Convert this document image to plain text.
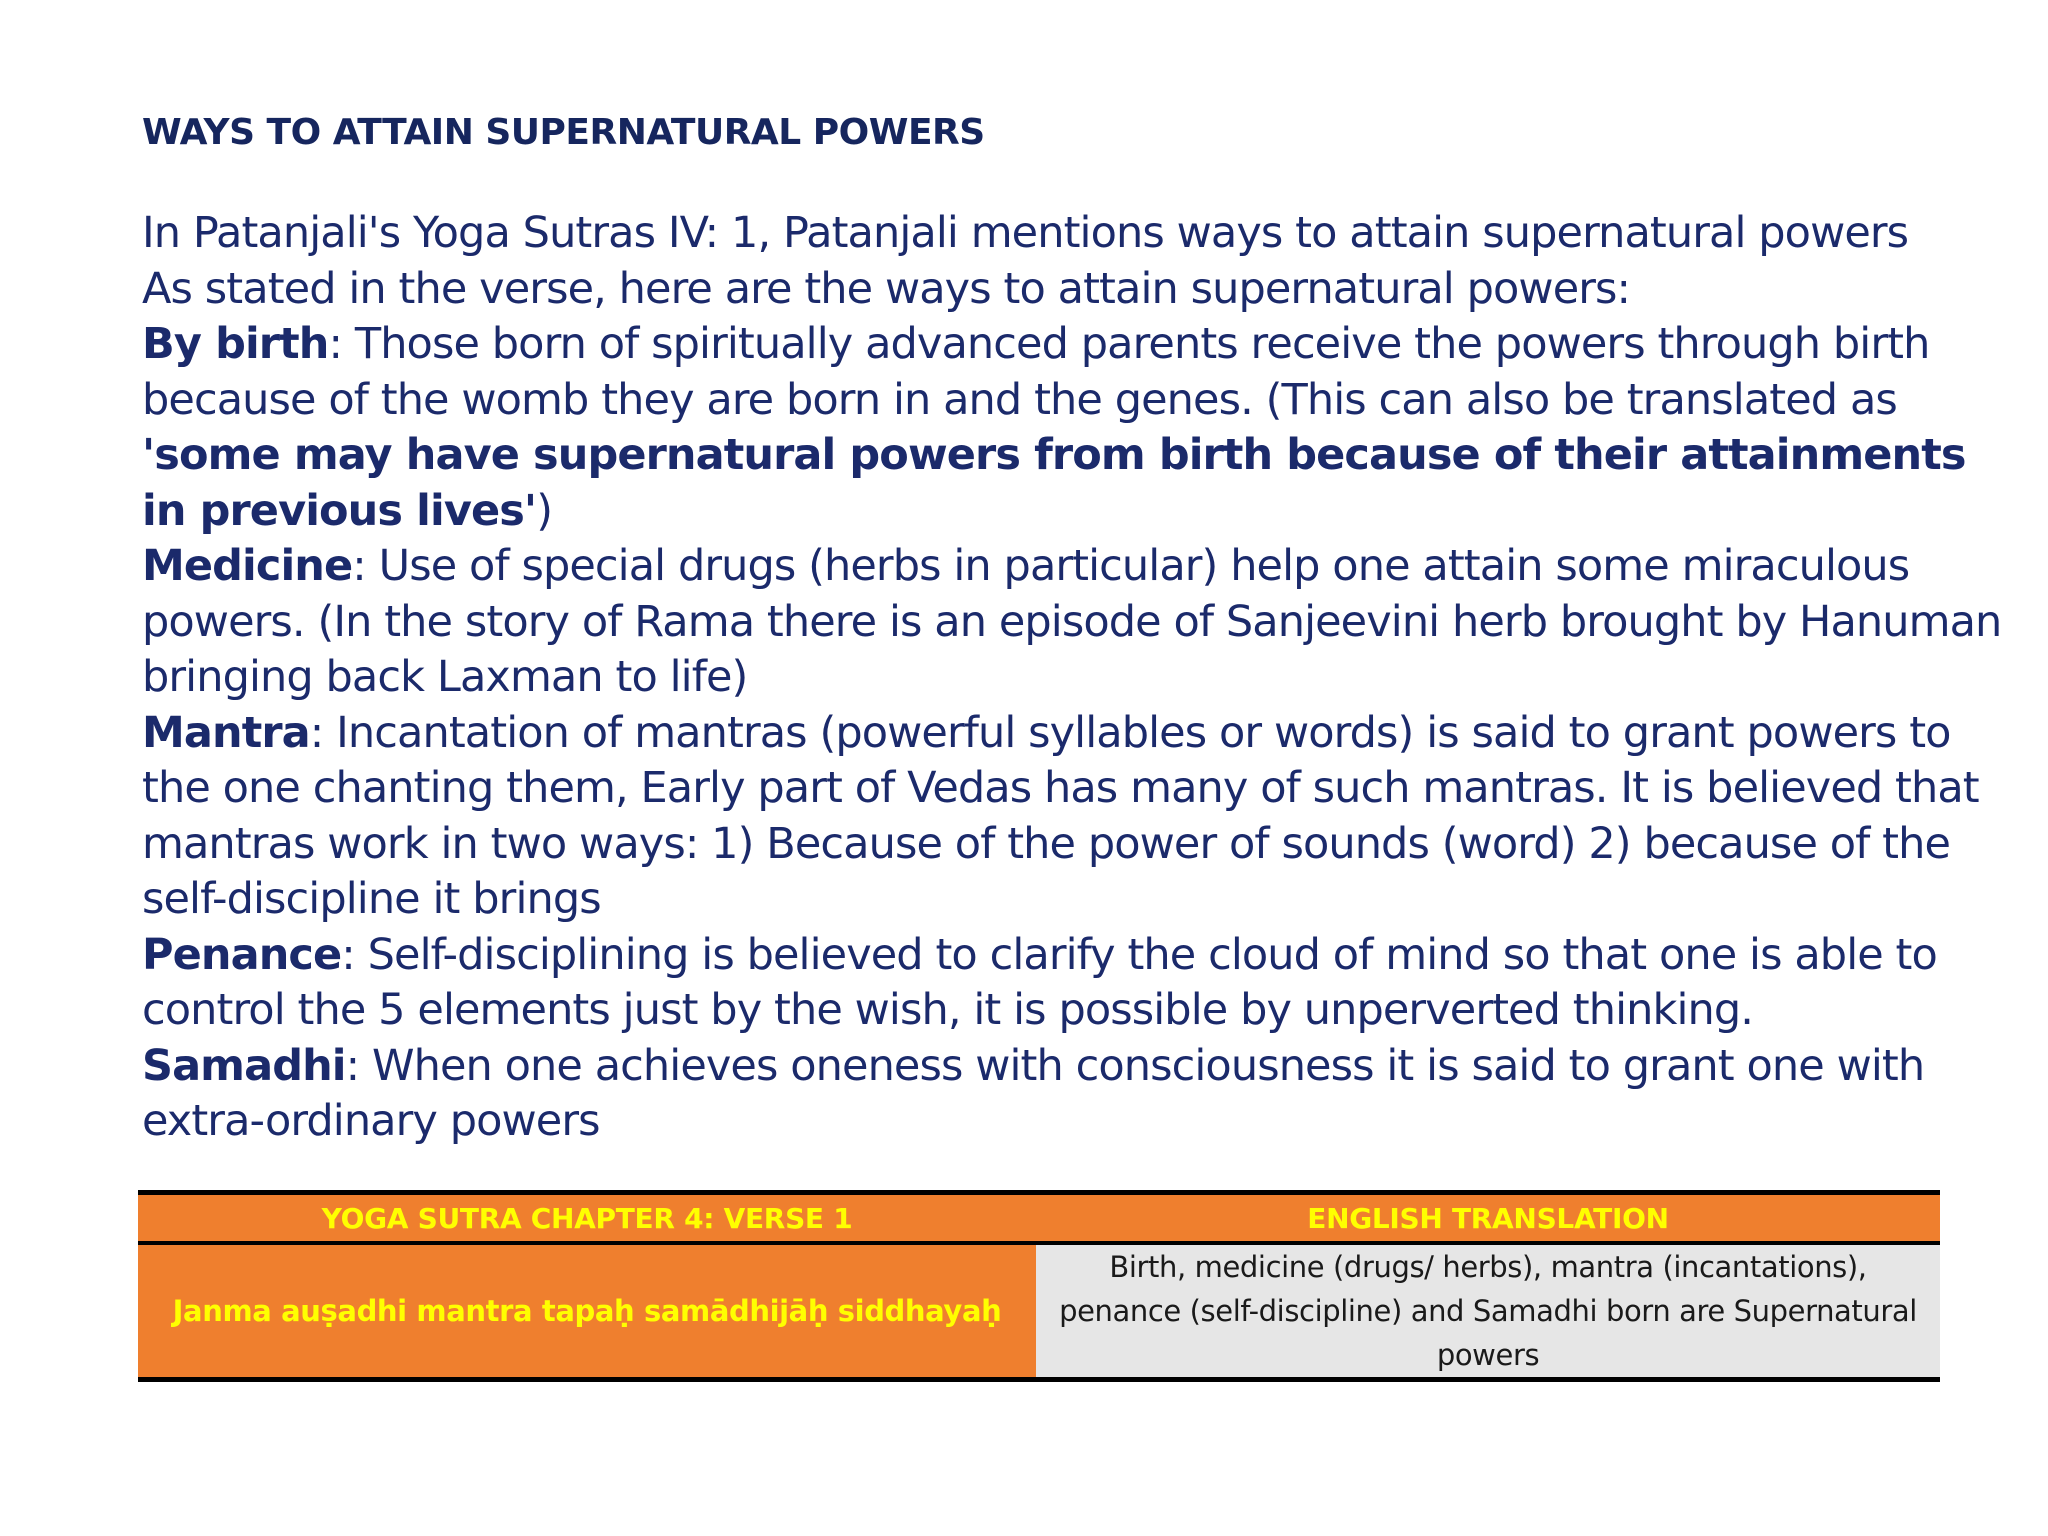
WAYS TO ATTAIN SUPERNATURAL POWERS

In Patanjali's Yoga Sutras IV: 1, Patanjali mentions ways to attain supernatural powers

As stated in the verse, here are the ways to attain supernatural powers:

By birth: Those born of spiritually advanced parents receive the powers through birth because of the womb they are born in and the genes. (This can also be translated as 'some may have supernatural powers from birth because of their attainments in previous lives')

Medicine: Use of special drugs (herbs in particular) help one attain some miraculous powers. (In the story of Rama there is an episode of Sanjeevini herb brought by Hanuman bringing back Laxman to life)

Mantra: Incantation of mantras (powerful syllables or words) is said to grant powers to the one chanting them, Early part of Vedas has many of such mantras. It is believed that mantras work in two ways: 1) Because of the power of sounds (word) 2) because of the self-discipline it brings

Penance: Self-disciplining is believed to clarify the cloud of mind so that one is able to control the 5 elements just by the wish, it is possible by unperverted thinking.

Samadhi: When one achieves oneness with consciousness it is said to grant one with extra-ordinary powers

YOGA SUTRA CHAPTER 4: VERSE 1	ENGLISH TRANSLATION
Janma auṣadhi mantra tapaḥ samādhijāḥ siddhayaḥ	Birth, medicine (drugs/ herbs), mantra (incantations), penance (self-discipline) and Samadhi born are Supernatural powers
